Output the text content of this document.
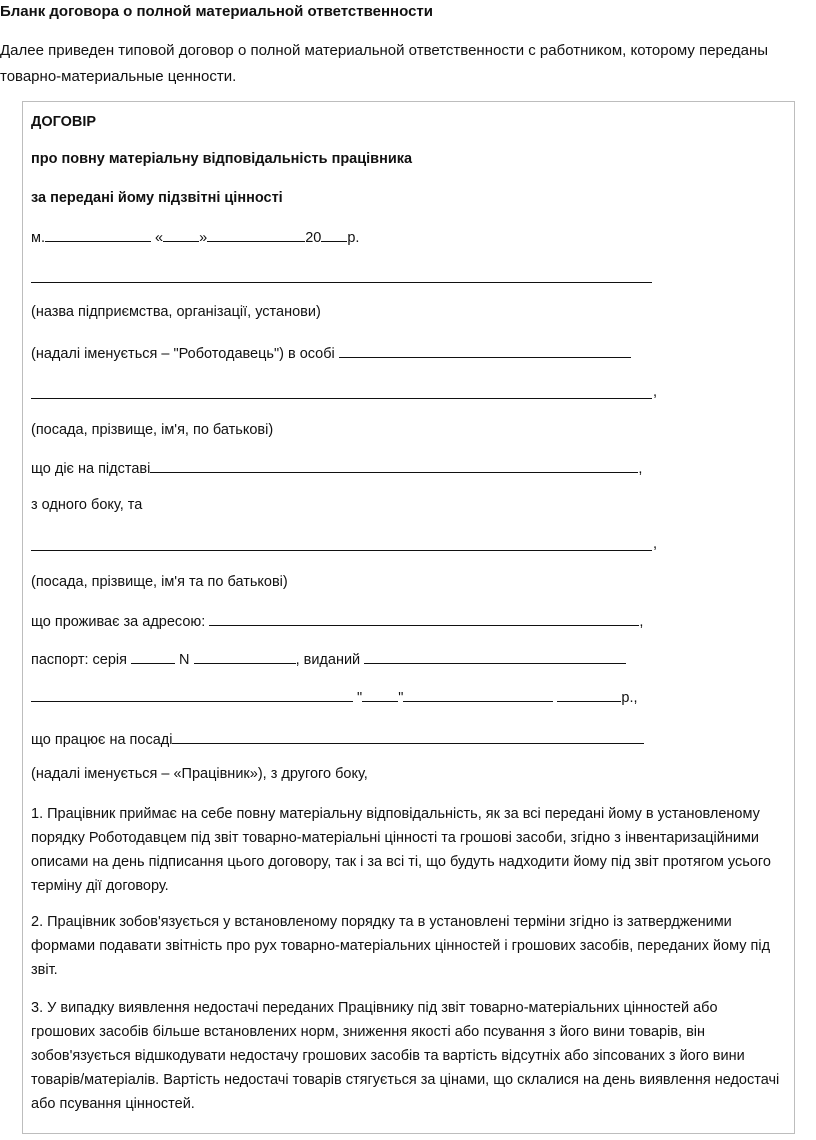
Бланк договора о полной материальной ответственности
Далее приведен типовой договор о полной материальной ответственности с работником, которому переданы товарно-материальные ценности.
ДОГОВІР
про повну матеріальну відповідальність працівника
за передані йому підзвітні цінності
м.	« »	20 р.
(назва підприємства, організації, установи)
(надалі іменується – "Роботодавець") в особі
,
(посада, прізвище, ім'я, по батькові)
що діє на підставі	,
з одного боку, та
,
(посада, прізвище, ім'я та по батькові)
що проживає за адресою:	,
паспорт: серія	N	, виданий
" "	р.,
що працює на посаді
(надалі іменується – «Працівник»), з другого боку,
1. Працівник приймає на себе повну матеріальну відповідальність, як за всі передані йому в установленому порядку Роботодавцем під звіт товарно-матеріальні цінності та грошові засоби, згідно з інвентаризаційними описами на день підписання цього договору, так і за всі ті, що будуть надходити йому під звіт протягом усього терміну дії договору.
2. Працівник зобов'язується у встановленому порядку та в установлені терміни згідно із затвердженими формами подавати звітність про рух товарно-матеріальних цінностей і грошових засобів, переданих йому під звіт.
3. У випадку виявлення недостачі переданих Працівнику під звіт товарно-матеріальних цінностей або грошових засобів більше встановлених норм, зниження якості або псування з його вини товарів, він зобов'язується відшкодувати недостачу грошових засобів та вартість відсутніх або зіпсованих з його вини товарів/матеріалів. Вартість недостачі товарів стягується за цінами, що склалися на день виявлення недостачі або псування цінностей.
